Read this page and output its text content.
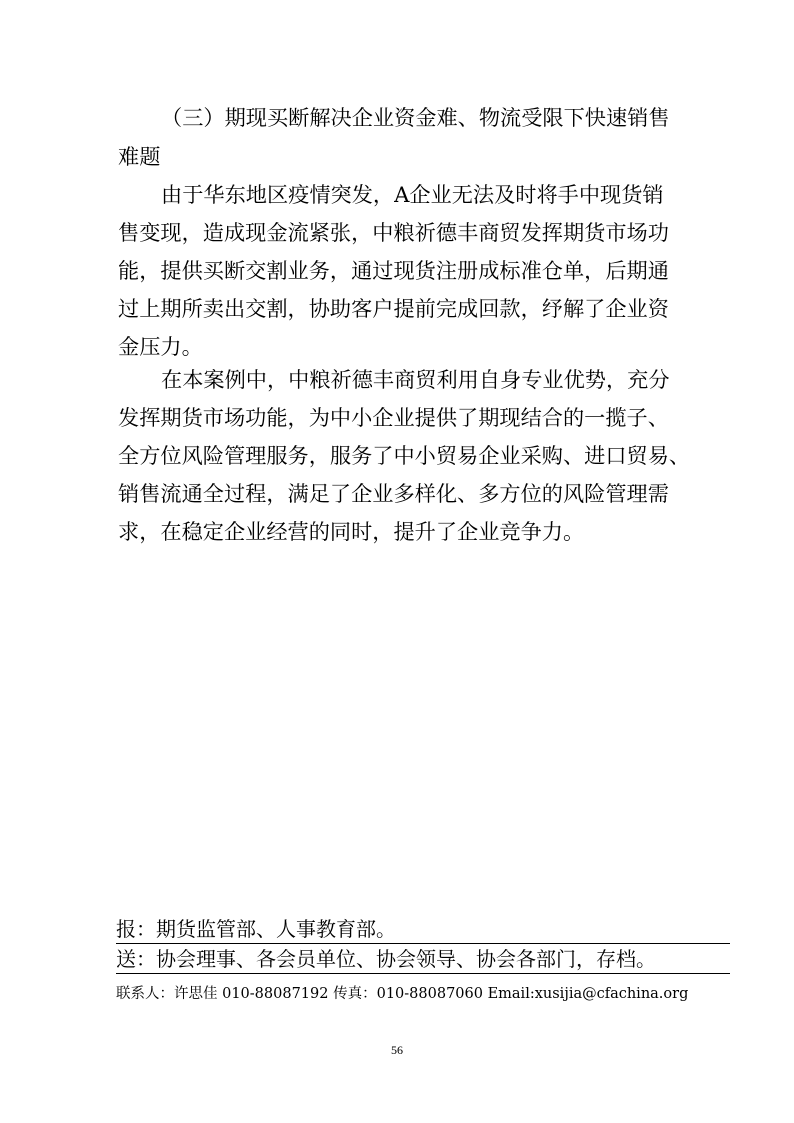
（三）期现买断解决企业资金难、物流受限下快速销售
难题
由于华东地区疫情突发，A企业无法及时将手中现货销
售变现，造成现金流紧张，中粮祈德丰商贸发挥期货市场功
能，提供买断交割业务，通过现货注册成标准仓单，后期通
过上期所卖出交割，协助客户提前完成回款，纾解了企业资
金压力。
在本案例中，中粮祈德丰商贸利用自身专业优势，充分
发挥期货市场功能，为中小企业提供了期现结合的一揽子、
全方位风险管理服务，服务了中小贸易企业采购、进口贸易、
销售流通全过程，满足了企业多样化、多方位的风险管理需
求，在稳定企业经营的同时，提升了企业竞争力。
报：期货监管部、人事教育部。
送：协会理事、各会员单位、协会领导、协会各部门，存档。
联系人：许思佳 010-88087192 传真：010-88087060 Email:xusijia@cfachina.org
56
